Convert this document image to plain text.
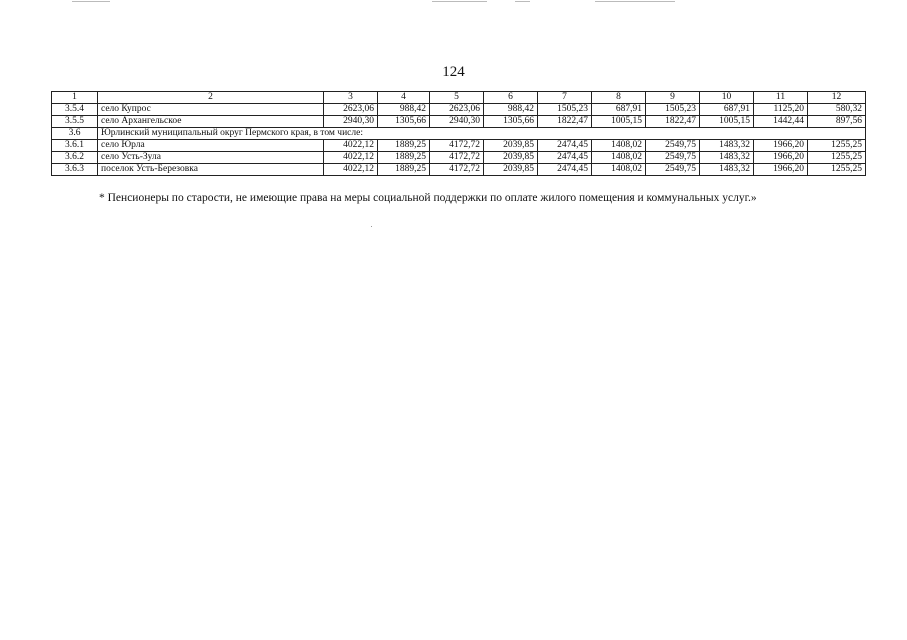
124
1	2	3	4	5	6	7	8	9	10	11	12
3.5.4	село Купрос	2623,06	988,42	2623,06	988,42	1505,23	687,91	1505,23	687,91	1125,20	580,32
3.5.5	село Архангельское	2940,30	1305,66	2940,30	1305,66	1822,47	1005,15	1822,47	1005,15	1442,44	897,56
3.6	Юрлинский муниципальный округ Пермского края, в том числе:										
3.6.1	село Юрла	4022,12	1889,25	4172,72	2039,85	2474,45	1408,02	2549,75	1483,32	1966,20	1255,25
3.6.2	село Усть-Зула	4022,12	1889,25	4172,72	2039,85	2474,45	1408,02	2549,75	1483,32	1966,20	1255,25
3.6.3	поселок Усть-Березовка	4022,12	1889,25	4172,72	2039,85	2474,45	1408,02	2549,75	1483,32	1966,20	1255,25
* Пенсионеры по старости, не имеющие права на меры социальной поддержки по оплате жилого помещения и коммунальных услуг.»
